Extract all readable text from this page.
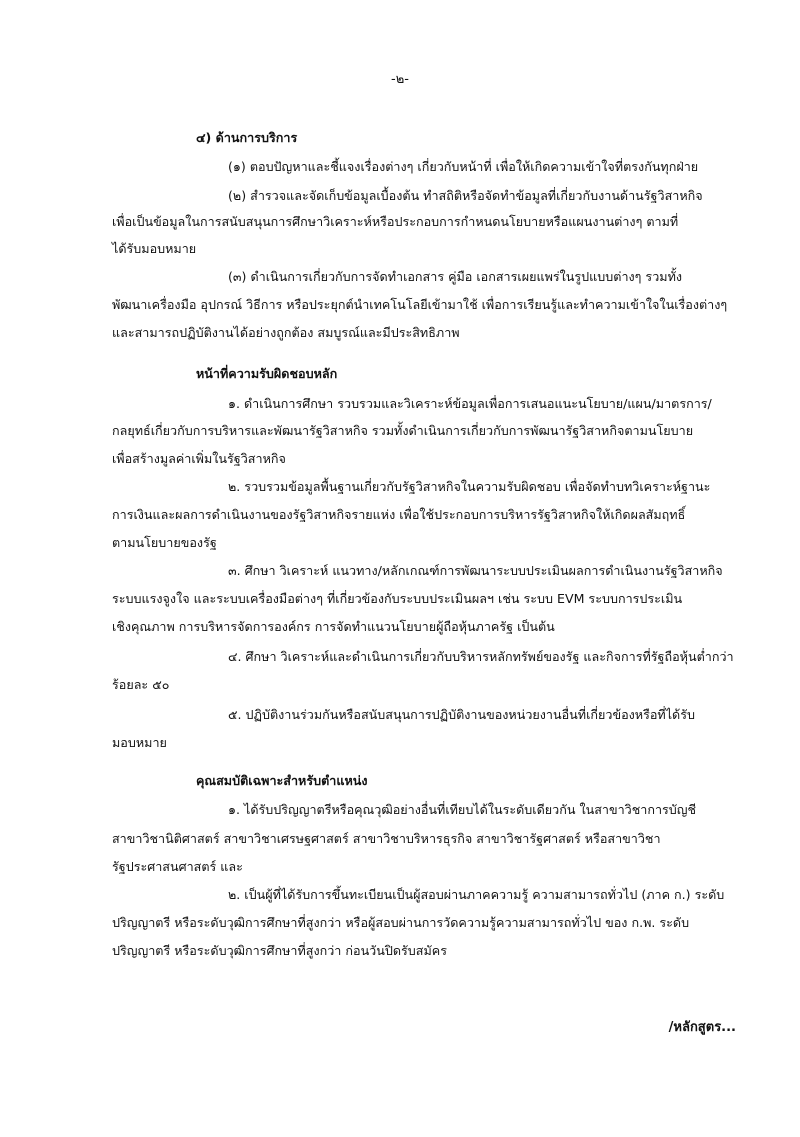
-๒-
๔) ด้านการบริการ
(๑) ตอบปัญหาและชี้แจงเรื่องต่างๆ เกี่ยวกับหน้าที่ เพื่อให้เกิดความเข้าใจที่ตรงกันทุกฝ่าย
(๒) สำรวจและจัดเก็บข้อมูลเบื้องต้น ทำสถิติหรือจัดทำข้อมูลที่เกี่ยวกับงานด้านรัฐวิสาหกิจ
เพื่อเป็นข้อมูลในการสนับสนุนการศึกษาวิเคราะห์หรือประกอบการกำหนดนโยบายหรือแผนงานต่างๆ ตามที่
ได้รับมอบหมาย
(๓) ดำเนินการเกี่ยวกับการจัดทำเอกสาร คู่มือ เอกสารเผยแพร่ในรูปแบบต่างๆ รวมทั้ง
พัฒนาเครื่องมือ อุปกรณ์ วิธีการ หรือประยุกต์นำเทคโนโลยีเข้ามาใช้ เพื่อการเรียนรู้และทำความเข้าใจในเรื่องต่างๆ
และสามารถปฏิบัติงานได้อย่างถูกต้อง สมบูรณ์และมีประสิทธิภาพ
หน้าที่ความรับผิดชอบหลัก
๑. ดำเนินการศึกษา รวบรวมและวิเคราะห์ข้อมูลเพื่อการเสนอแนะนโยบาย/แผน/มาตรการ/
กลยุทธ์เกี่ยวกับการบริหารและพัฒนารัฐวิสาหกิจ รวมทั้งดำเนินการเกี่ยวกับการพัฒนารัฐวิสาหกิจตามนโยบาย
เพื่อสร้างมูลค่าเพิ่มในรัฐวิสาหกิจ
๒. รวบรวมข้อมูลพื้นฐานเกี่ยวกับรัฐวิสาหกิจในความรับผิดชอบ เพื่อจัดทำบทวิเคราะห์ฐานะ
การเงินและผลการดำเนินงานของรัฐวิสาหกิจรายแห่ง เพื่อใช้ประกอบการบริหารรัฐวิสาหกิจให้เกิดผลสัมฤทธิ์
ตามนโยบายของรัฐ
๓. ศึกษา วิเคราะห์ แนวทาง/หลักเกณฑ์การพัฒนาระบบประเมินผลการดำเนินงานรัฐวิสาหกิจ
ระบบแรงจูงใจ และระบบเครื่องมือต่างๆ ที่เกี่ยวข้องกับระบบประเมินผลฯ เช่น ระบบ EVM ระบบการประเมิน
เชิงคุณภาพ การบริหารจัดการองค์กร การจัดทำแนวนโยบายผู้ถือหุ้นภาครัฐ เป็นต้น
๔. ศึกษา วิเคราะห์และดำเนินการเกี่ยวกับบริหารหลักทรัพย์ของรัฐ และกิจการที่รัฐถือหุ้นต่ำกว่า
ร้อยละ ๕๐
๕. ปฏิบัติงานร่วมกันหรือสนับสนุนการปฏิบัติงานของหน่วยงานอื่นที่เกี่ยวข้องหรือที่ได้รับ
มอบหมาย
คุณสมบัติเฉพาะสำหรับตำแหน่ง
๑. ได้รับปริญญาตรีหรือคุณวุฒิอย่างอื่นที่เทียบได้ในระดับเดียวกัน ในสาขาวิชาการบัญชี
สาขาวิชานิติศาสตร์ สาขาวิชาเศรษฐศาสตร์ สาขาวิชาบริหารธุรกิจ สาขาวิชารัฐศาสตร์ หรือสาขาวิชา
รัฐประศาสนศาสตร์ และ
๒. เป็นผู้ที่ได้รับการขึ้นทะเบียนเป็นผู้สอบผ่านภาคความรู้ ความสามารถทั่วไป (ภาค ก.) ระดับ
ปริญญาตรี หรือระดับวุฒิการศึกษาที่สูงกว่า หรือผู้สอบผ่านการวัดความรู้ความสามารถทั่วไป ของ ก.พ. ระดับ
ปริญญาตรี หรือระดับวุฒิการศึกษาที่สูงกว่า ก่อนวันปิดรับสมัคร
/หลักสูตร...
